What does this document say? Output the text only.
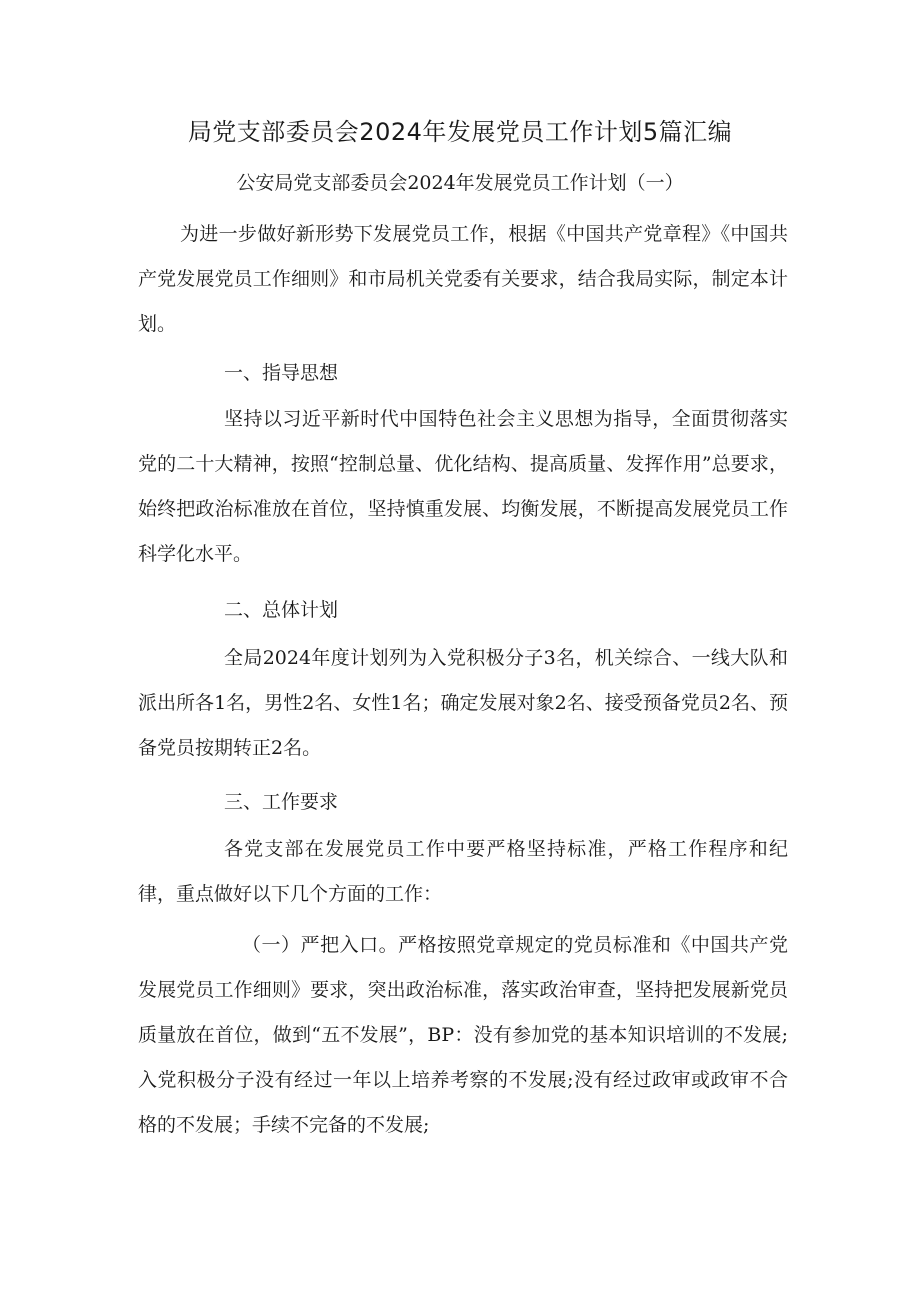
局党支部委员会2024年发展党员工作计划5篇汇编

公安局党支部委员会2024年发展党员工作计划（一）

为进一步做好新形势下发展党员工作，根据《中国共产党章程》《中国共产党发展党员工作细则》和市局机关党委有关要求，结合我局实际，制定本计划。

一、指导思想

坚持以习近平新时代中国特色社会主义思想为指导，全面贯彻落实党的二十大精神，按照“控制总量、优化结构、提高质量、发挥作用”总要求，始终把政治标准放在首位，坚持慎重发展、均衡发展，不断提高发展党员工作科学化水平。

二、总体计划

全局2024年度计划列为入党积极分子3名，机关综合、一线大队和派出所各1名，男性2名、女性1名；确定发展对象2名、接受预备党员2名、预备党员按期转正2名。

三、工作要求

各党支部在发展党员工作中要严格坚持标准，严格工作程序和纪律，重点做好以下几个方面的工作：

（一）严把入口。严格按照党章规定的党员标准和《中国共产党发展党员工作细则》要求，突出政治标准，落实政治审查，坚持把发展新党员质量放在首位，做到“五不发展”，BP：没有参加党的基本知识培训的不发展;入党积极分子没有经过一年以上培养考察的不发展;没有经过政审或政审不合格的不发展；手续不完备的不发展;
